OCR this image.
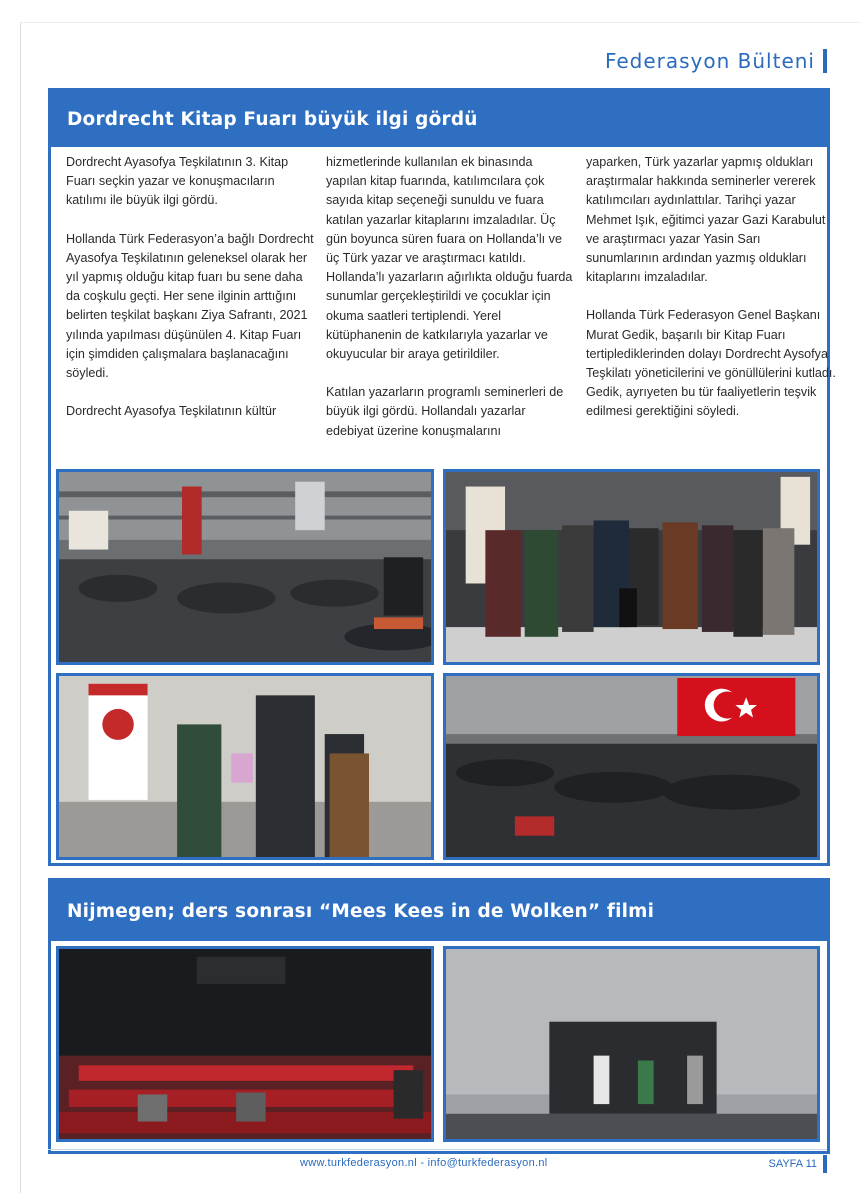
Federasyon Bülteni
Dordrecht Kitap Fuarı büyük ilgi gördü

Dordrecht Ayasofya Teşkilatının 3. Kitap Fuarı seçkin yazar ve konuşmacıların katılımı ile büyük ilgi gördü.

Hollanda Türk Federasyon’a bağlı Dordrecht Ayasofya Teşkilatının geleneksel olarak her yıl yapmış olduğu kitap fuarı bu sene daha da coşkulu geçti. Her sene ilginin arttığını belirten teşkilat başkanı Ziya Safrantı, 2021 yılında yapılması düşünülen 4. Kitap Fuarı için şimdiden çalışmalara başlanacağını söyledi.

Dordrecht Ayasofya Teşkilatının kültür

hizmetlerinde kullanılan ek binasında yapılan kitap fuarında, katılımcılara çok sayıda kitap seçeneği sunuldu ve fuara katılan yazarlar kitaplarını imzaladılar. Üç gün boyunca süren fuara on Hollanda’lı ve üç Türk yazar ve araştırmacı katıldı. Hollanda’lı yazarların ağırlıkta olduğu fuarda sunumlar gerçekleştirildi ve çocuklar için okuma saatleri tertiplendi. Yerel kütüphanenin de katkılarıyla yazarlar ve okuyucular bir araya getirildiler.

Katılan yazarların programlı seminerleri de büyük ilgi gördü. Hollandalı yazarlar edebiyat üzerine konuşmalarını

yaparken, Türk yazarlar yapmış oldukları araştırmalar hakkında seminerler vererek katılımcıları aydınlattılar. Tarihçi yazar Mehmet Işık, eğitimci yazar Gazi Karabulut ve araştırmacı yazar Yasin Sarı sunumlarının ardından yazmış oldukları kitaplarını imzaladılar.

Hollanda Türk Federasyon Genel Başkanı Murat Gedik, başarılı bir Kitap Fuarı tertiplediklerinden dolayı Dordrecht Aysofya Teşkilatı yöneticilerini ve gönüllülerini kutladı. Gedik, ayrıyeten bu tür faaliyetlerin teşvik edilmesi gerektiğini söyledi.

Nijmegen; ders sonrası “Mees Kees in de Wolken” filmi
www.turkfederasyon.nl - info@turkfederasyon.nl	SAYFA 11
